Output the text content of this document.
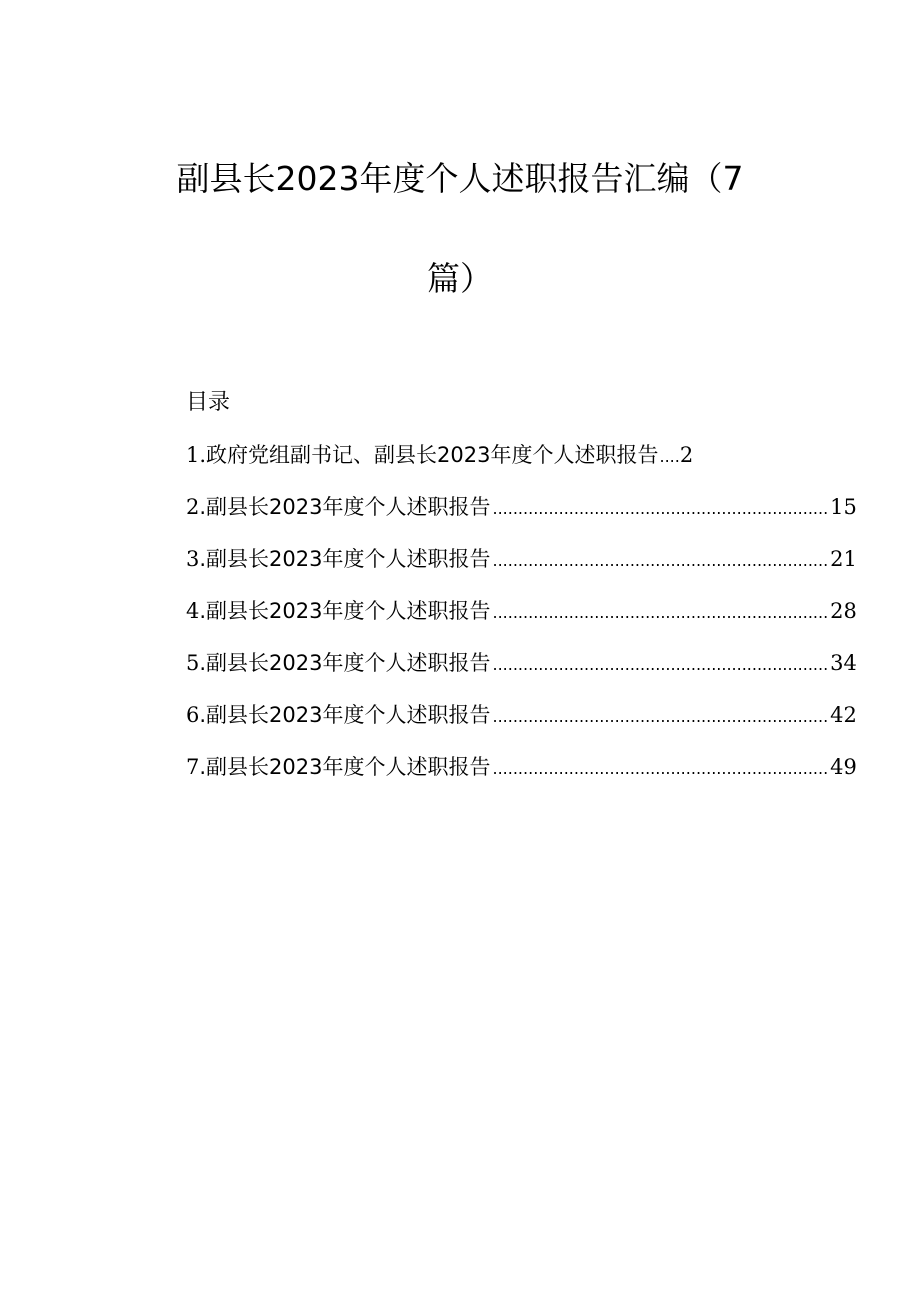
副县长2023年度个人述职报告汇编（7
篇）
目录
1. 政府党组副书记、副县长2023年度个人述职报告 .... 2
2 .副县长2023年度个人述职报告 .................................................................. 15
3 .副县长2023年度个人述职报告 .................................................................. 21
4 .副县长2023年度个人述职报告 .................................................................. 28
5 .副县长2023年度个人述职报告 .................................................................. 34
6 .副县长2023年度个人述职报告 .................................................................. 42
7 .副县长2023年度个人述职报告 .................................................................. 49
